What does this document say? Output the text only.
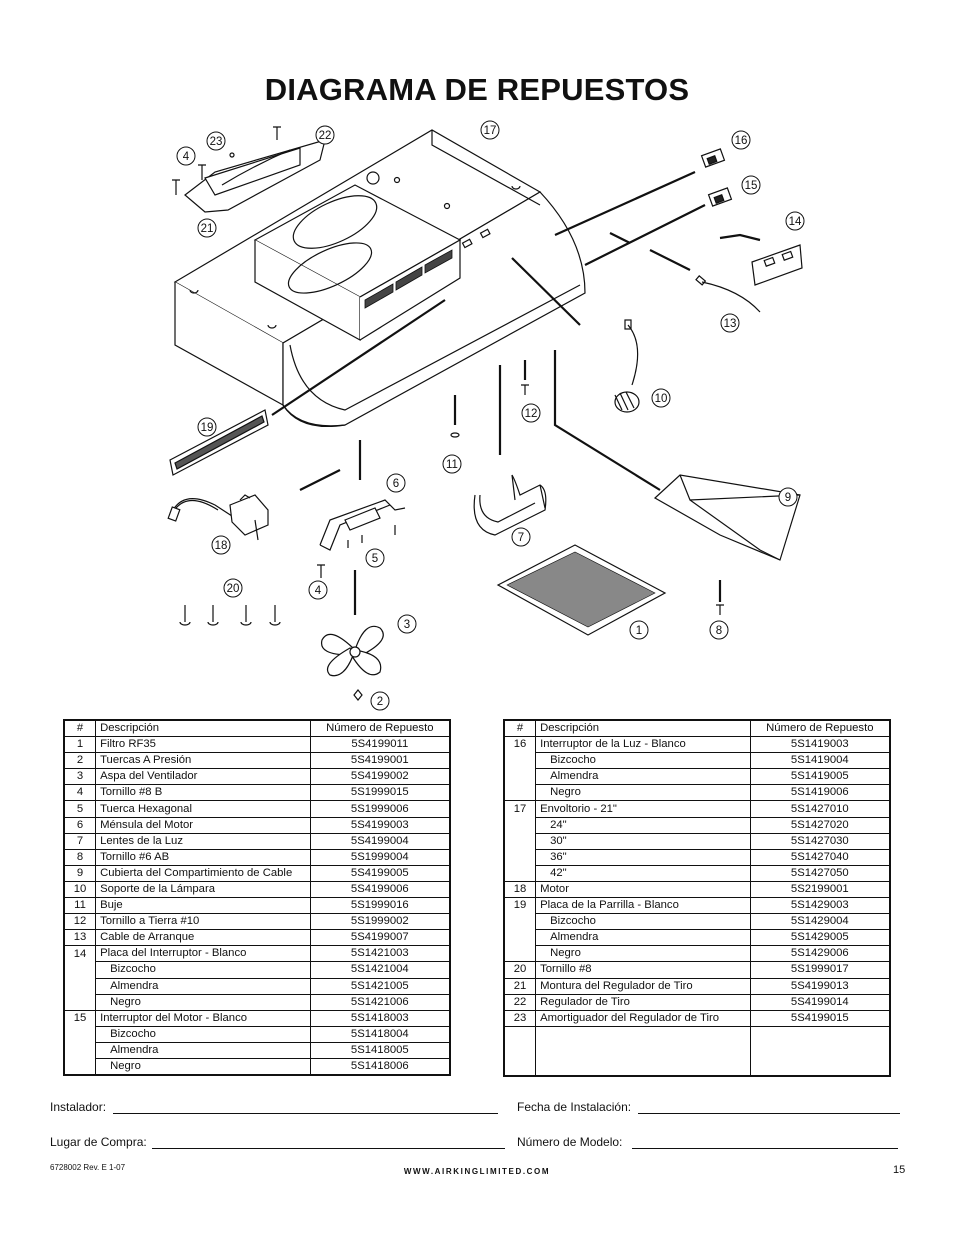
DIAGRAMA DE REPUESTOS
1
2
3
4
4
5
6
7
8
9
10
11
12
13
14
15
16
17
18
19
20
21
22
23
#	Descripción	Número de Repuesto
1	Filtro RF35	5S4199011
2	Tuercas A Presión	5S4199001
3	Aspa del Ventilador	5S4199002
4	Tornillo #8 B	5S1999015
5	Tuerca Hexagonal	5S1999006
6	Ménsula del Motor	5S4199003
7	Lentes de la Luz	5S4199004
8	Tornillo #6 AB	5S1999004
9	Cubierta del Compartimiento de Cable	5S4199005
10	Soporte de la Lámpara	5S4199006
11	Buje	5S1999016
12	Tornillo a Tierra #10	5S1999002
13	Cable de Arranque	5S4199007
14	Placa del Interruptor - Blanco	5S1421003
	Bizcocho	5S1421004
	Almendra	5S1421005
	Negro	5S1421006
15	Interruptor del Motor - Blanco	5S1418003
	Bizcocho	5S1418004
	Almendra	5S1418005
	Negro	5S1418006
#	Descripción	Número de Repuesto
16	Interruptor de la Luz - Blanco	5S1419003
	Bizcocho	5S1419004
	Almendra	5S1419005
	Negro	5S1419006
17	Envoltorio - 21"	5S1427010
	24"	5S1427020
	30"	5S1427030
	36"	5S1427040
	42"	5S1427050
18	Motor	5S2199001
19	Placa de la Parrilla - Blanco	5S1429003
	Bizcocho	5S1429004
	Almendra	5S1429005
	Negro	5S1429006
20	Tornillo #8	5S1999017
21	Montura del Regulador de Tiro	5S4199013
22	Regulador de Tiro	5S4199014
23	Amortiguador del Regulador de Tiro	5S4199015

Instalador:	Fecha de Instalación:
Lugar de Compra:	Número de Modelo:
6728002 Rev. E 1-07	WWW.AIRKINGLIMITED.COM	15
